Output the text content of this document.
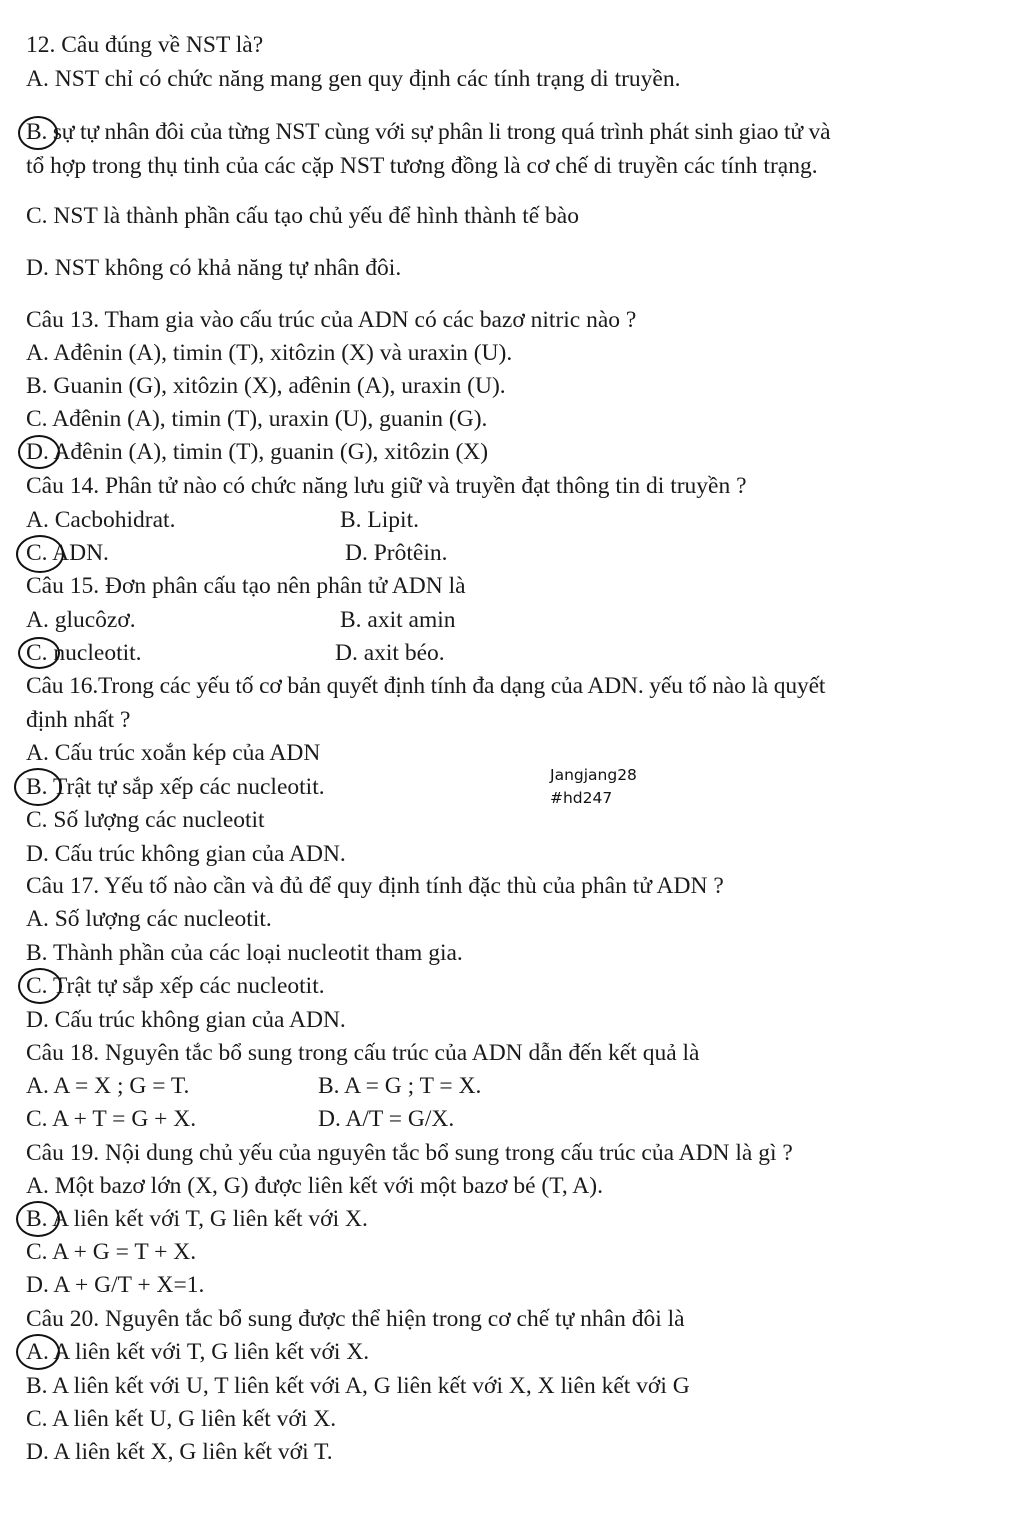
12. Câu đúng về NST là?

A. NST chỉ có chức năng mang gen quy định các tính trạng di truyền.

B. sự tự nhân đôi của từng NST cùng với sự phân li trong quá trình phát sinh giao tử và

tổ hợp trong thụ tinh của các cặp NST tương đồng là cơ chế di truyền các tính trạng.

C. NST là thành phần cấu tạo chủ yếu để hình thành tế bào

D. NST không có khả năng tự nhân đôi.

Câu 13. Tham gia vào cấu trúc của ADN có các bazơ nitric nào ?

A. Ađênin (A), timin (T), xitôzin (X) và uraxin (U).

B. Guanin (G), xitôzin (X), ađênin (A), uraxin (U).

C. Ađênin (A), timin (T), uraxin (U), guanin (G).

D. Ađênin (A), timin (T), guanin (G), xitôzin (X)

Câu 14. Phân tử nào có chức năng lưu giữ và truyền đạt thông tin di truyền ?

A. Cacbohidrat.	B. Lipit.

C. ADN.	D. Prôtêin.

Câu 15. Đơn phân cấu tạo nên phân tử ADN là

A. glucôzơ.	B. axit amin

C. nucleotit.	D. axit béo.

Câu 16.Trong các yếu tố cơ bản quyết định tính đa dạng của ADN. yếu tố nào là quyết

định nhất ?

A. Cấu trúc xoắn kép của ADN

B. Trật tự sắp xếp các nucleotit.

C. Số lượng các nucleotit

D. Cấu trúc không gian của ADN.

Jangjang28
#hd247

Câu 17. Yếu tố nào cần và đủ để quy định tính đặc thù của phân tử ADN ?

A. Số lượng các nucleotit.

B. Thành phần của các loại nucleotit tham gia.

C. Trật tự sắp xếp các nucleotit.

D. Cấu trúc không gian của ADN.

Câu 18. Nguyên tắc bổ sung trong cấu trúc của ADN dẫn đến kết quả là

A. A = X ; G = T.	B. A = G ; T = X.

C. A + T = G + X.	D. A/T = G/X.

Câu 19. Nội dung chủ yếu của nguyên tắc bổ sung trong cấu trúc của ADN là gì ?

A. Một bazơ lớn (X, G) được liên kết với một bazơ bé (T, A).

B. A liên kết với T, G liên kết với X.

C. A + G = T + X.

D. A + G/T + X=1.

Câu 20. Nguyên tắc bổ sung được thể hiện trong cơ chế tự nhân đôi là

A. A liên kết với T, G liên kết với X.

B. A liên kết với U, T liên kết với A, G liên kết với X, X liên kết với G

C. A liên kết U, G liên kết với X.

D. A liên kết X, G liên kết với T.
